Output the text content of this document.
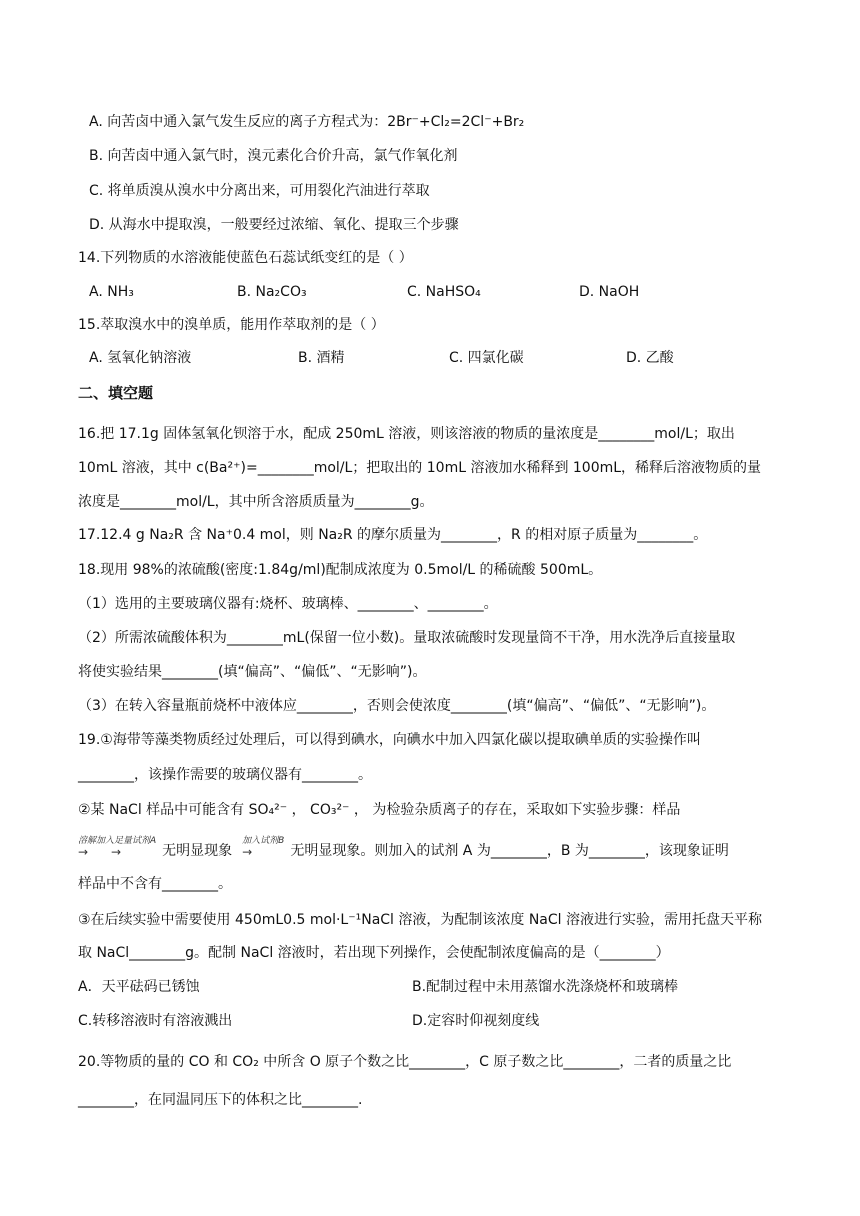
A. 向苦卤中通入氯气发生反应的离子方程式为：2Br⁻+Cl₂=2Cl⁻+Br₂
B. 向苦卤中通入氯气时，溴元素化合价升高，氯气作氧化剂
C. 将单质溴从溴水中分离出来，可用裂化汽油进行萃取
D. 从海水中提取溴，一般要经过浓缩、氧化、提取三个步骤
14.下列物质的水溶液能使蓝色石蕊试纸变红的是（ ）
A. NH₃	B. Na₂CO₃	C. NaHSO₄	D. NaOH
15.萃取溴水中的溴单质，能用作萃取剂的是（ ）
A. 氢氧化钠溶液	B. 酒精	C. 四氯化碳	D. 乙酸
二、填空题
16.把 17.1g 固体氢氧化钡溶于水，配成 250mL 溶液，则该溶液的物质的量浓度是________mol/L；取出
10mL 溶液，其中 c(Ba²⁺)=________mol/L；把取出的 10mL 溶液加水稀释到 100mL，稀释后溶液物质的量
浓度是________mol/L，其中所含溶质质量为________g。
17.12.4 g Na₂R 含 Na⁺0.4 mol，则 Na₂R 的摩尔质量为________，R 的相对原子质量为________。
18.现用 98%的浓硫酸(密度:1.84g/ml)配制成浓度为 0.5mol/L 的稀硫酸 500mL。
（1）选用的主要玻璃仪器有:烧杯、玻璃棒、________、________。
（2）所需浓硫酸体积为________mL(保留一位小数)。量取浓硫酸时发现量筒不干净，用水洗净后直接量取
将使实验结果________(填“偏高”、“偏低”、“无影响”)。
（3）在转入容量瓶前烧杯中液体应________，否则会使浓度________(填“偏高”、“偏低”、“无影响”)。
19.①海带等藻类物质经过处理后，可以得到碘水，向碘水中加入四氯化碳以提取碘单质的实验操作叫
________，该操作需要的玻璃仪器有________。
②某 NaCl 样品中可能含有 SO₄²⁻ ， CO₃²⁻ ， 为检验杂质离子的存在，采取如下实验步骤：样品
溶解加入足量试剂A
→      →	无明显现象加入试剂B
→	无明显现象。则加入的试剂 A 为________，B 为________，该现象证明
样品中不含有________。
③在后续实验中需要使用 450mL0.5 mol·L⁻¹NaCl 溶液，为配制该浓度 NaCl 溶液进行实验，需用托盘天平称
取 NaCl________g。配制 NaCl 溶液时，若出现下列操作，会使配制浓度偏高的是（________）
A．天平砝码已锈蚀	B.配制过程中未用蒸馏水洗涤烧杯和玻璃棒
C.转移溶液时有溶液溅出	D.定容时仰视刻度线
20.等物质的量的 CO 和 CO₂ 中所含 O 原子个数之比________，C 原子数之比________，二者的质量之比
________，在同温同压下的体积之比________.
